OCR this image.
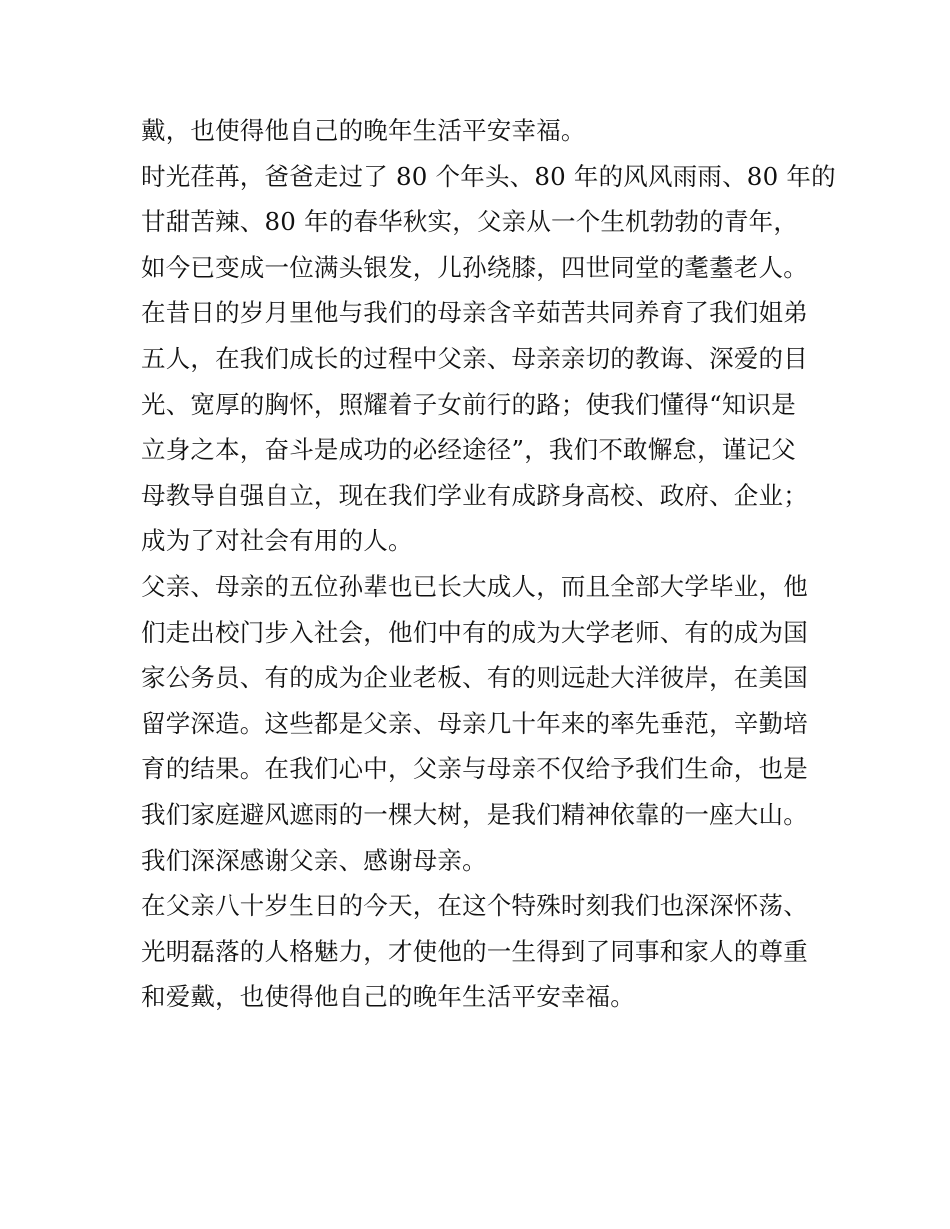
戴，也使得他自己的晚年生活平安幸福。
时光荏苒，爸爸走过了 80 个年头、80 年的风风雨雨、80 年的
甘甜苦辣、80 年的春华秋实，父亲从一个生机勃勃的青年，
如今已变成一位满头银发，儿孙绕膝，四世同堂的耄耋老人。
在昔日的岁月里他与我们的母亲含辛茹苦共同养育了我们姐弟
五人，在我们成长的过程中父亲、母亲亲切的教诲、深爱的目
光、宽厚的胸怀，照耀着子女前行的路；使我们懂得“知识是
立身之本，奋斗是成功的必经途径”，我们不敢懈怠，谨记父
母教导自强自立，现在我们学业有成跻身高校、政府、企业；
成为了对社会有用的人。
父亲、母亲的五位孙辈也已长大成人，而且全部大学毕业，他
们走出校门步入社会，他们中有的成为大学老师、有的成为国
家公务员、有的成为企业老板、有的则远赴大洋彼岸，在美国
留学深造。这些都是父亲、母亲几十年来的率先垂范，辛勤培
育的结果。在我们心中，父亲与母亲不仅给予我们生命，也是
我们家庭避风遮雨的一棵大树，是我们精神依靠的一座大山。
我们深深感谢父亲、感谢母亲。
在父亲八十岁生日的今天，在这个特殊时刻我们也深深怀荡、
光明磊落的人格魅力，才使他的一生得到了同事和家人的尊重
和爱戴，也使得他自己的晚年生活平安幸福。
